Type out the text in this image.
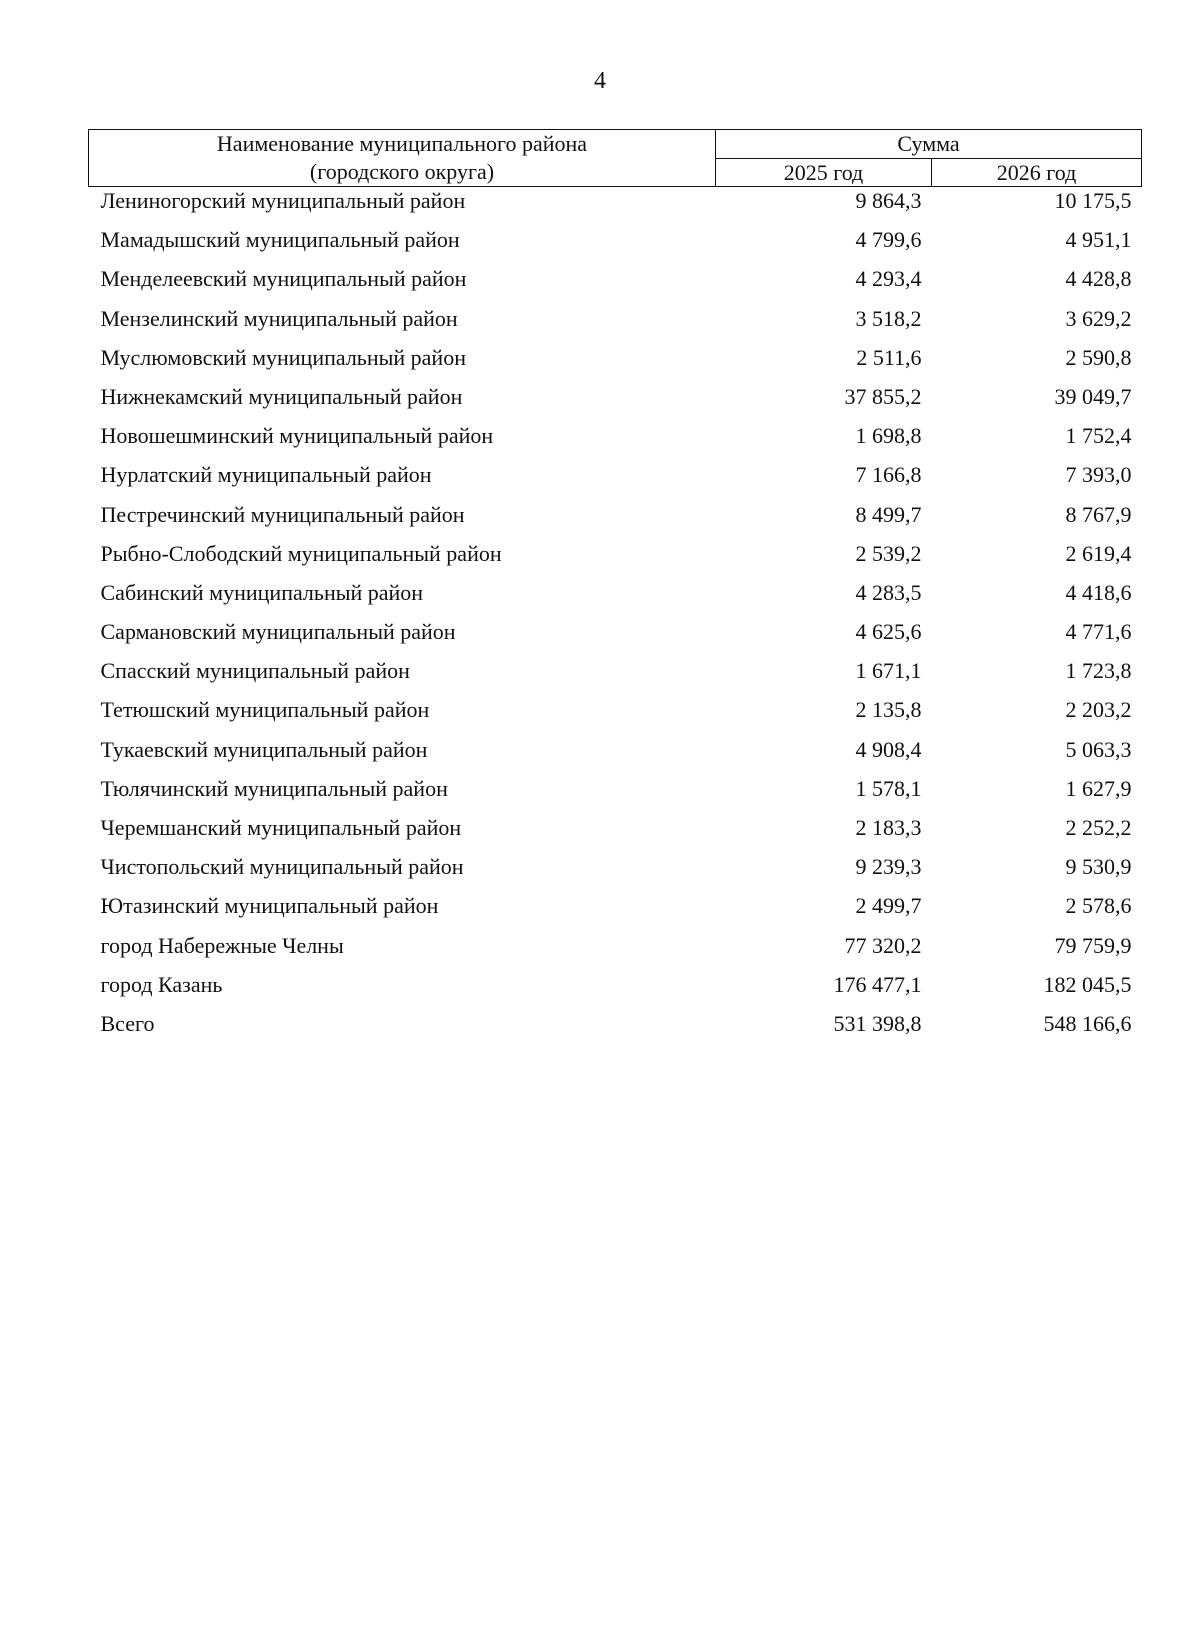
4
Наименование муниципального района
(городского округа)	Сумма	
	2025 год	2026 год
Лениногорский муниципальный район	9 864,3	10 175,5
Мамадышский муниципальный район	4 799,6	4 951,1
Менделеевский муниципальный район	4 293,4	4 428,8
Мензелинский муниципальный район	3 518,2	3 629,2
Муслюмовский муниципальный район	2 511,6	2 590,8
Нижнекамский муниципальный район	37 855,2	39 049,7
Новошешминский муниципальный район	1 698,8	1 752,4
Нурлатский муниципальный район	7 166,8	7 393,0
Пестречинский муниципальный район	8 499,7	8 767,9
Рыбно-Слободский муниципальный район	2 539,2	2 619,4
Сабинский муниципальный район	4 283,5	4 418,6
Сармановский муниципальный район	4 625,6	4 771,6
Спасский муниципальный район	1 671,1	1 723,8
Тетюшский муниципальный район	2 135,8	2 203,2
Тукаевский муниципальный район	4 908,4	5 063,3
Тюлячинский муниципальный район	1 578,1	1 627,9
Черемшанский муниципальный район	2 183,3	2 252,2
Чистопольский муниципальный район	9 239,3	9 530,9
Ютазинский муниципальный район	2 499,7	2 578,6
город Набережные Челны	77 320,2	79 759,9
город Казань	176 477,1	182 045,5
Всего	531 398,8	548 166,6
